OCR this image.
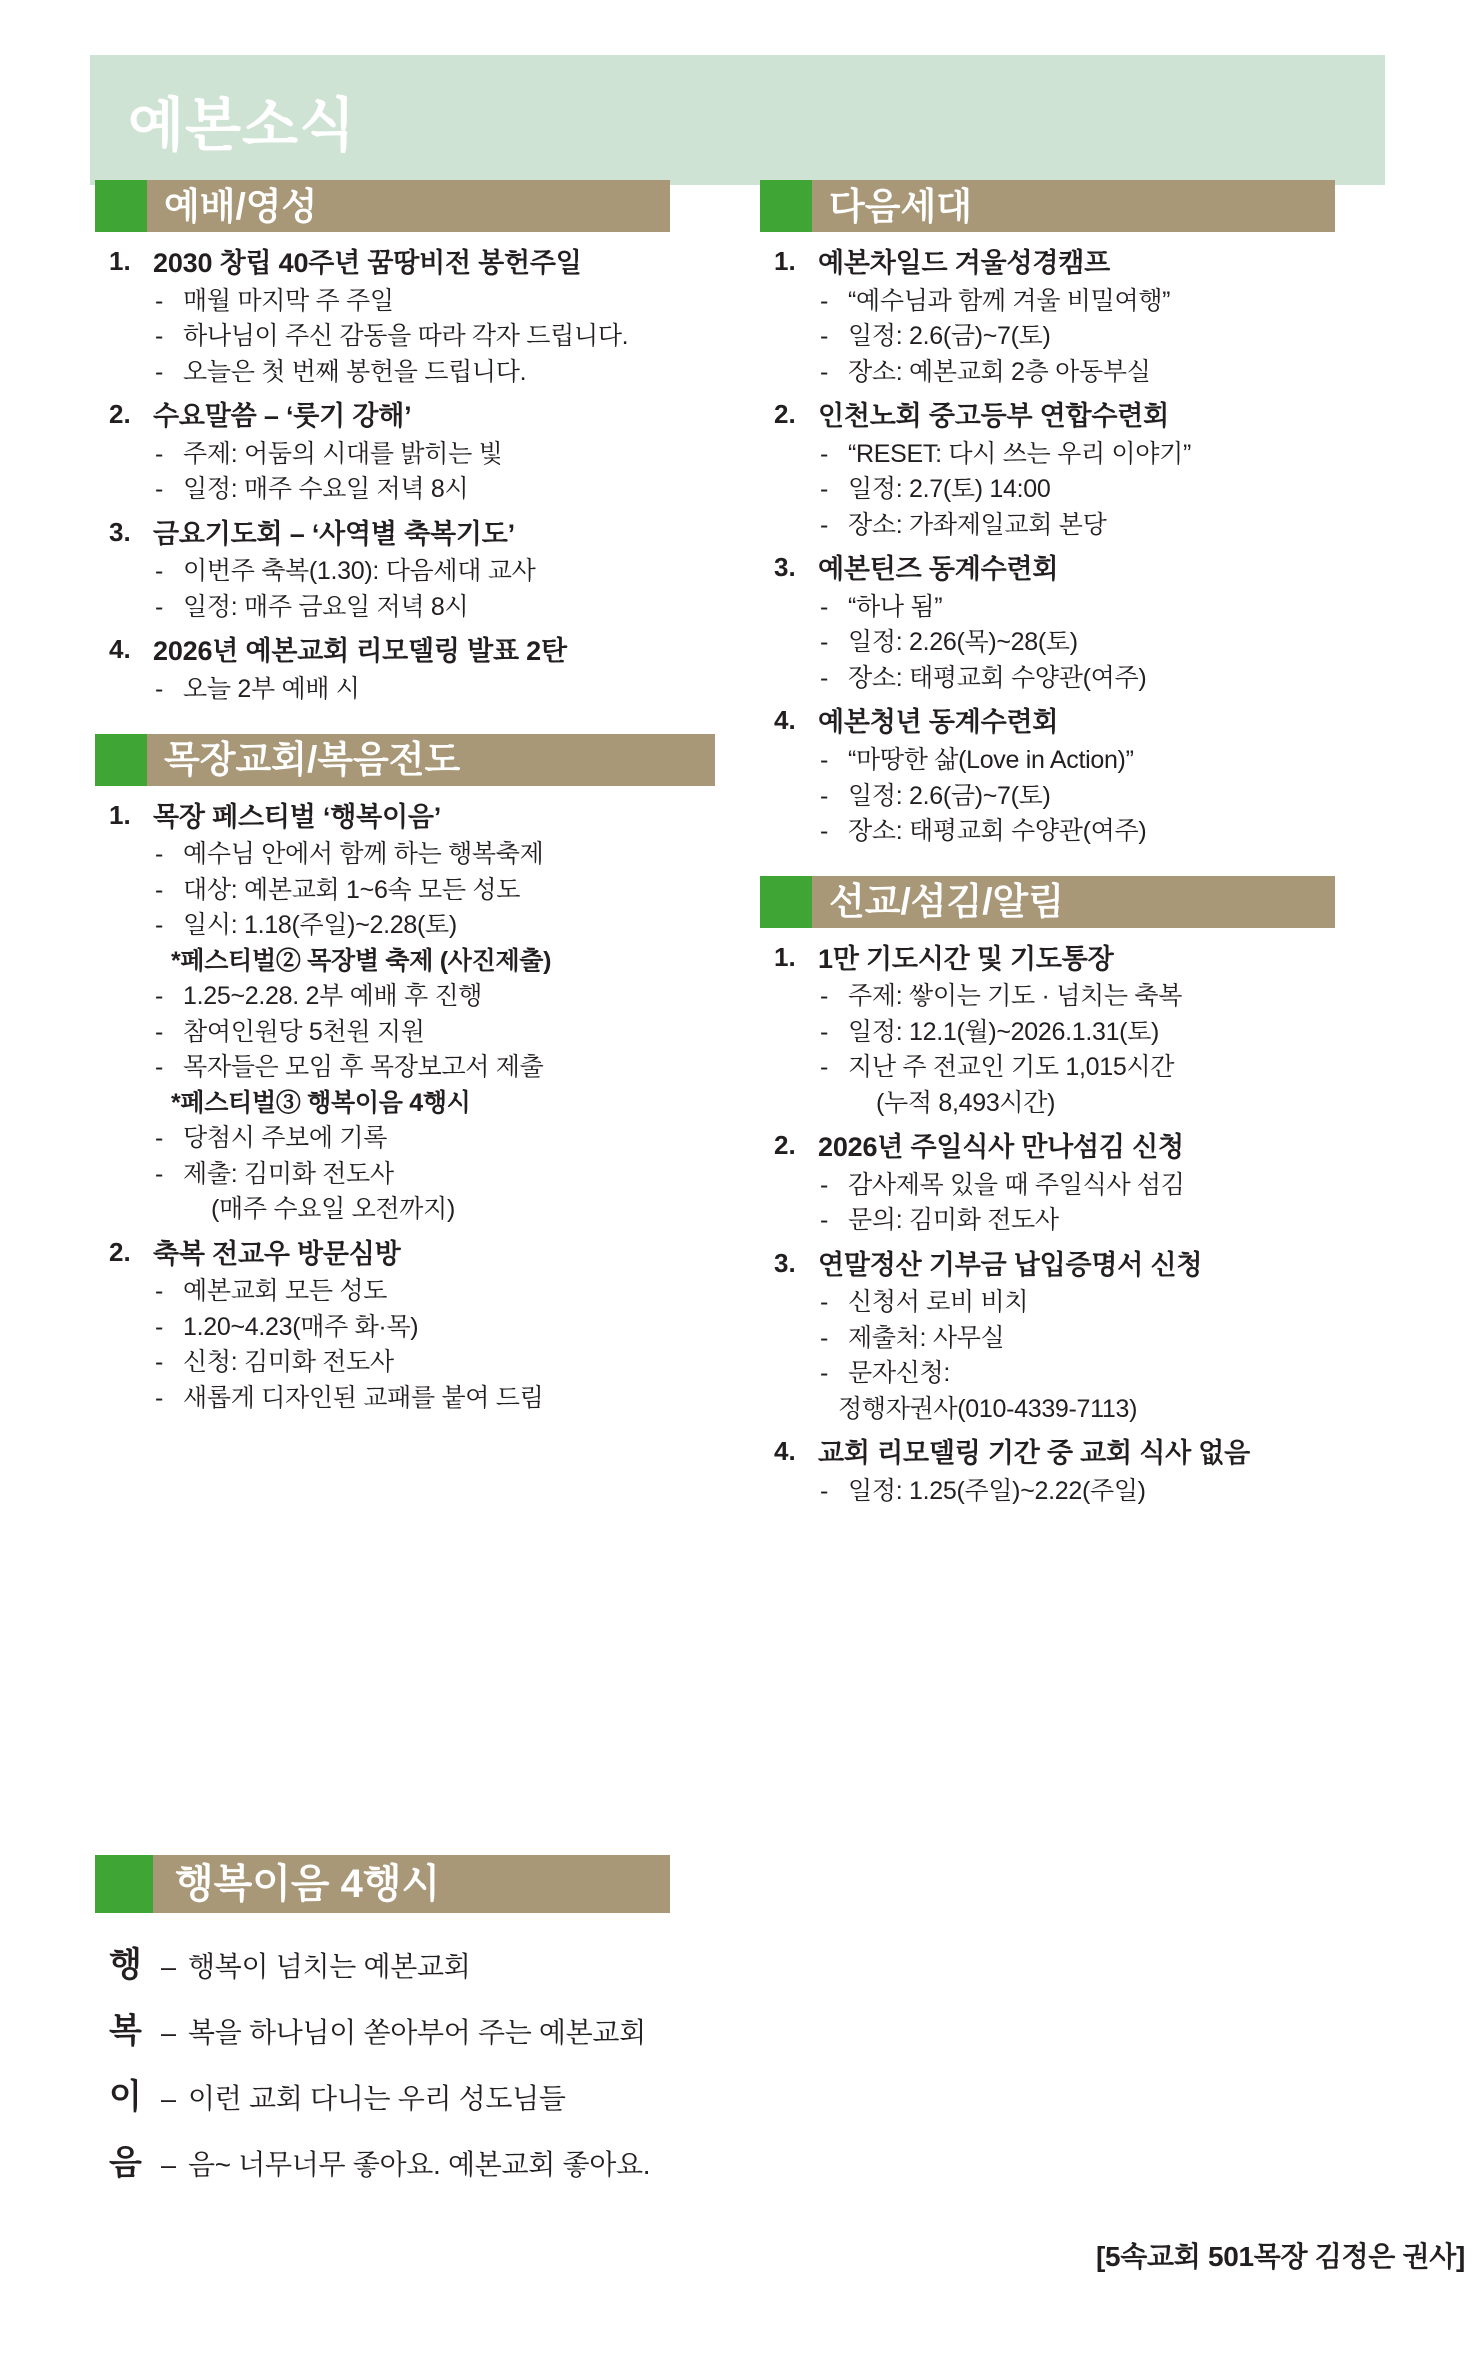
예본소식
예배/영성
1. 2030 창립 40주년 꿈땅비전 봉헌주일
- 매월 마지막 주 주일
- 하나님이 주신 감동을 따라 각자 드립니다.
- 오늘은 첫 번째 봉헌을 드립니다.
2. 수요말씀 – ‘룻기 강해’
- 주제: 어둠의 시대를 밝히는 빛
- 일정: 매주 수요일 저녁 8시
3. 금요기도회 – ‘사역별 축복기도’
- 이번주 축복(1.30): 다음세대 교사
- 일정: 매주 금요일 저녁 8시
4. 2026년 예본교회 리모델링 발표 2탄
- 오늘 2부 예배 시
목장교회/복음전도
1. 목장 페스티벌 ‘행복이음’
- 예수님 안에서 함께 하는 행복축제
- 대상: 예본교회 1~6속 모든 성도
- 일시: 1.18(주일)~2.28(토)
*페스티벌② 목장별 축제 (사진제출)
- 1.25~2.28. 2부 예배 후 진행
- 참여인원당 5천원 지원
- 목자들은 모임 후 목장보고서 제출
*페스티벌③ 행복이음 4행시
- 당첨시 주보에 기록
- 제출: 김미화 전도사
(매주 수요일 오전까지)
2. 축복 전교우 방문심방
- 예본교회 모든 성도
- 1.20~4.23(매주 화·목)
- 신청: 김미화 전도사
- 새롭게 디자인된 교패를 붙여 드림
다음세대
1. 예본차일드 겨울성경캠프
- “예수님과 함께 겨울 비밀여행”
- 일정: 2.6(금)~7(토)
- 장소: 예본교회 2층 아동부실
2. 인천노회 중고등부 연합수련회
- “RESET: 다시 쓰는 우리 이야기”
- 일정: 2.7(토) 14:00
- 장소: 가좌제일교회 본당
3. 예본틴즈 동계수련회
- “하나 됨”
- 일정: 2.26(목)~28(토)
- 장소: 태평교회 수양관(여주)
4. 예본청년 동계수련회
- “마땅한 삶(Love in Action)”
- 일정: 2.6(금)~7(토)
- 장소: 태평교회 수양관(여주)
선교/섬김/알림
1. 1만 기도시간 및 기도통장
- 주제: 쌓이는 기도 · 넘치는 축복
- 일정: 12.1(월)~2026.1.31(토)
- 지난 주 전교인 기도 1,015시간
(누적 8,493시간)
2. 2026년 주일식사 만나섬김 신청
- 감사제목 있을 때 주일식사 섬김
- 문의: 김미화 전도사
3. 연말정산 기부금 납입증명서 신청
- 신청서 로비 비치
- 제출처: 사무실
- 문자신청:
정행자권사(010-4339-7113)
4. 교회 리모델링 기간 중 교회 식사 없음
- 일정: 1.25(주일)~2.22(주일)
행복이음 4행시
행 – 행복이 넘치는 예본교회
복 – 복을 하나님이 쏟아부어 주는 예본교회
이 – 이런 교회 다니는 우리 성도님들
음 – 음~ 너무너무 좋아요. 예본교회 좋아요.
[5속교회 501목장 김정은 권사]
